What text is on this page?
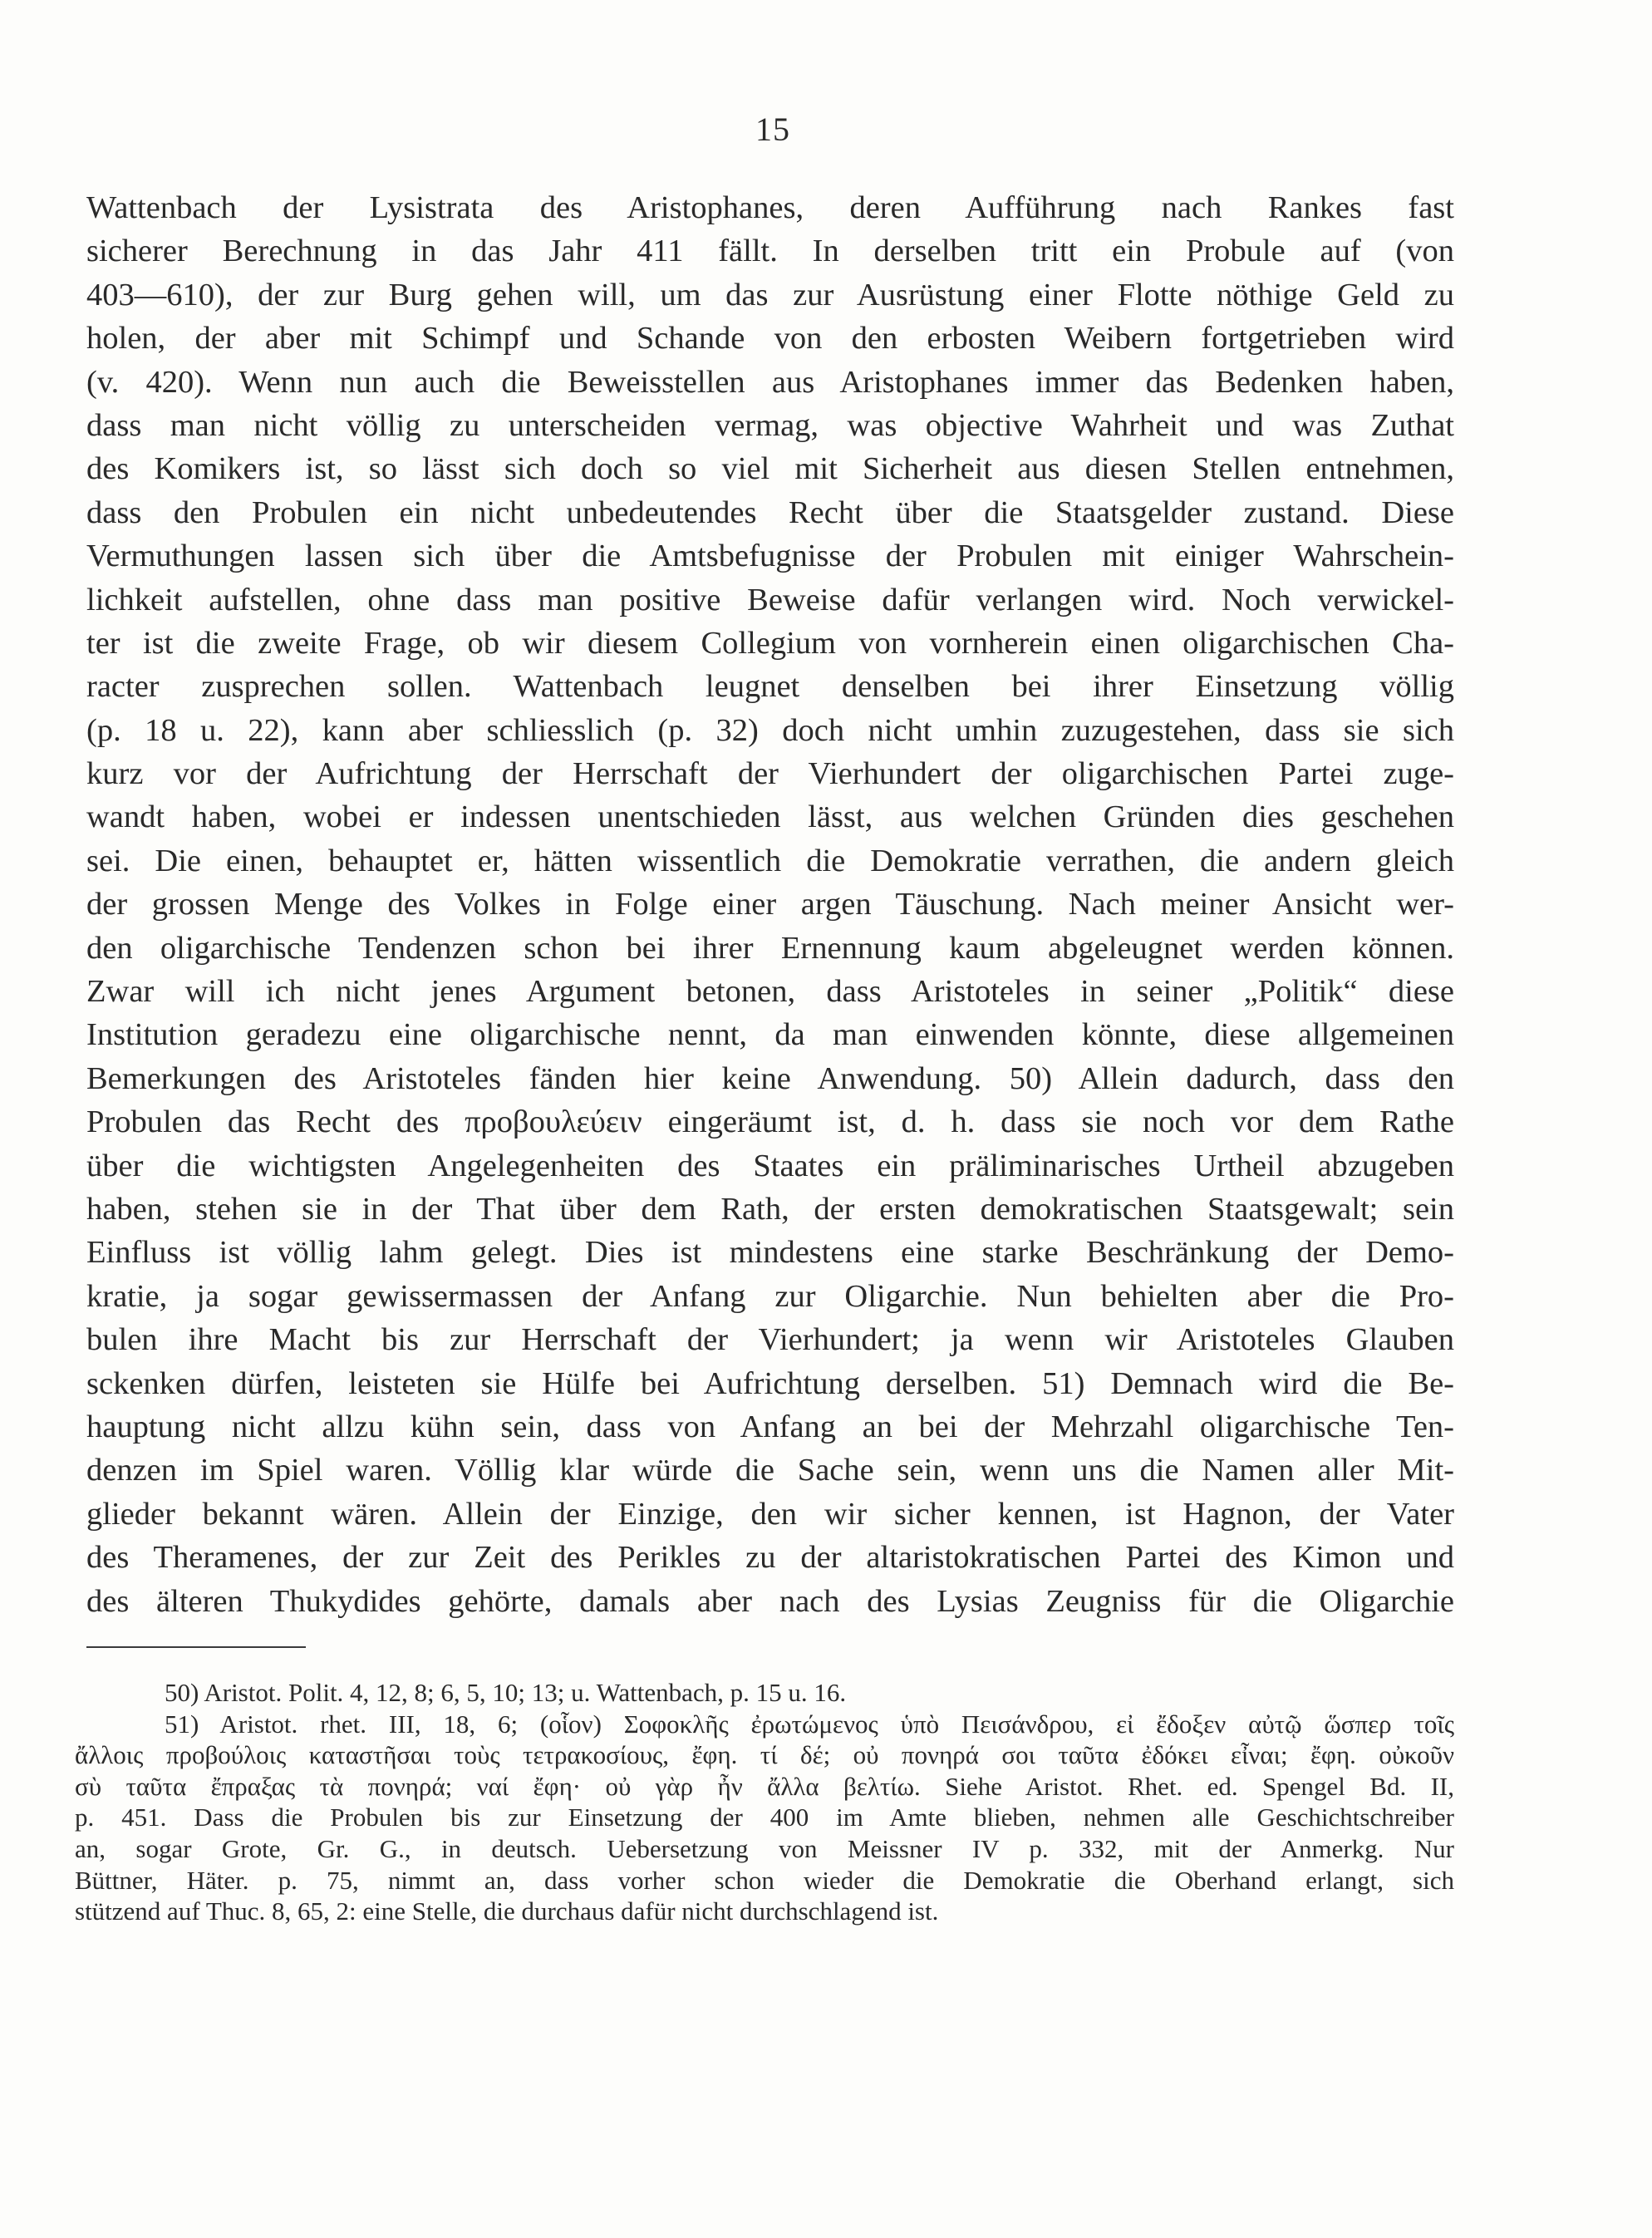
15
Wattenbach der Lysistrata des Aristophanes, deren Aufführung nach Rankes fast
sicherer Berechnung in das Jahr 411 fällt. In derselben tritt ein Probule auf (von
403—610), der zur Burg gehen will, um das zur Ausrüstung einer Flotte nöthige Geld zu
holen, der aber mit Schimpf und Schande von den erbosten Weibern fortgetrieben wird
(v. 420). Wenn nun auch die Beweisstellen aus Aristophanes immer das Bedenken haben,
dass man nicht völlig zu unterscheiden vermag, was objective Wahrheit und was Zuthat
des Komikers ist, so lässt sich doch so viel mit Sicherheit aus diesen Stellen entnehmen,
dass den Probulen ein nicht unbedeutendes Recht über die Staatsgelder zustand. Diese
Vermuthungen lassen sich über die Amtsbefugnisse der Probulen mit einiger Wahrschein-
lichkeit aufstellen, ohne dass man positive Beweise dafür verlangen wird. Noch verwickel-
ter ist die zweite Frage, ob wir diesem Collegium von vornherein einen oligarchischen Cha-
racter zusprechen sollen. Wattenbach leugnet denselben bei ihrer Einsetzung völlig
(p. 18 u. 22), kann aber schliesslich (p. 32) doch nicht umhin zuzugestehen, dass sie sich
kurz vor der Aufrichtung der Herrschaft der Vierhundert der oligarchischen Partei zuge-
wandt haben, wobei er indessen unentschieden lässt, aus welchen Gründen dies geschehen
sei. Die einen, behauptet er, hätten wissentlich die Demokratie verrathen, die andern gleich
der grossen Menge des Volkes in Folge einer argen Täuschung. Nach meiner Ansicht wer-
den oligarchische Tendenzen schon bei ihrer Ernennung kaum abgeleugnet werden können.
Zwar will ich nicht jenes Argument betonen, dass Aristoteles in seiner „Politik“ diese
Institution geradezu eine oligarchische nennt, da man einwenden könnte, diese allgemeinen
Bemerkungen des Aristoteles fänden hier keine Anwendung. 50) Allein dadurch, dass den
Probulen das Recht des προβουλεύειν eingeräumt ist, d. h. dass sie noch vor dem Rathe
über die wichtigsten Angelegenheiten des Staates ein präliminarisches Urtheil abzugeben
haben, stehen sie in der That über dem Rath, der ersten demokratischen Staatsgewalt; sein
Einfluss ist völlig lahm gelegt. Dies ist mindestens eine starke Beschränkung der Demo-
kratie, ja sogar gewissermassen der Anfang zur Oligarchie. Nun behielten aber die Pro-
bulen ihre Macht bis zur Herrschaft der Vierhundert; ja wenn wir Aristoteles Glauben
sckenken dürfen, leisteten sie Hülfe bei Aufrichtung derselben. 51) Demnach wird die Be-
hauptung nicht allzu kühn sein, dass von Anfang an bei der Mehrzahl oligarchische Ten-
denzen im Spiel waren. Völlig klar würde die Sache sein, wenn uns die Namen aller Mit-
glieder bekannt wären. Allein der Einzige, den wir sicher kennen, ist Hagnon, der Vater
des Theramenes, der zur Zeit des Perikles zu der altaristokratischen Partei des Kimon und
des älteren Thukydides gehörte, damals aber nach des Lysias Zeugniss für die Oligarchie
50) Aristot. Polit. 4, 12, 8; 6, 5, 10; 13; u. Wattenbach, p. 15 u. 16.
51) Aristot. rhet. III, 18, 6; (οἷον) Σοφοκλῆς ἐρωτώμενος ὑπὸ Πεισάνδρου, εἰ ἔδοξεν αὐτῷ ὥσπερ τοῖς
ἄλλοις προβούλοις καταστῆσαι τοὺς τετρακοσίους, ἔφη. τί δέ; οὐ πονηρά σοι ταῦτα ἐδόκει εἶναι; ἔφη. οὐκοῦν
σὺ ταῦτα ἔπραξας τὰ πονηρά; ναί ἔφη· οὐ γὰρ ἦν ἄλλα βελτίω. Siehe Aristot. Rhet. ed. Spengel Bd. II,
p. 451. Dass die Probulen bis zur Einsetzung der 400 im Amte blieben, nehmen alle Geschichtschreiber
an, sogar Grote, Gr. G., in deutsch. Uebersetzung von Meissner IV p. 332, mit der Anmerkg. Nur
Büttner, Häter. p. 75, nimmt an, dass vorher schon wieder die Demokratie die Oberhand erlangt, sich
stützend auf Thuc. 8, 65, 2: eine Stelle, die durchaus dafür nicht durchschlagend ist.
